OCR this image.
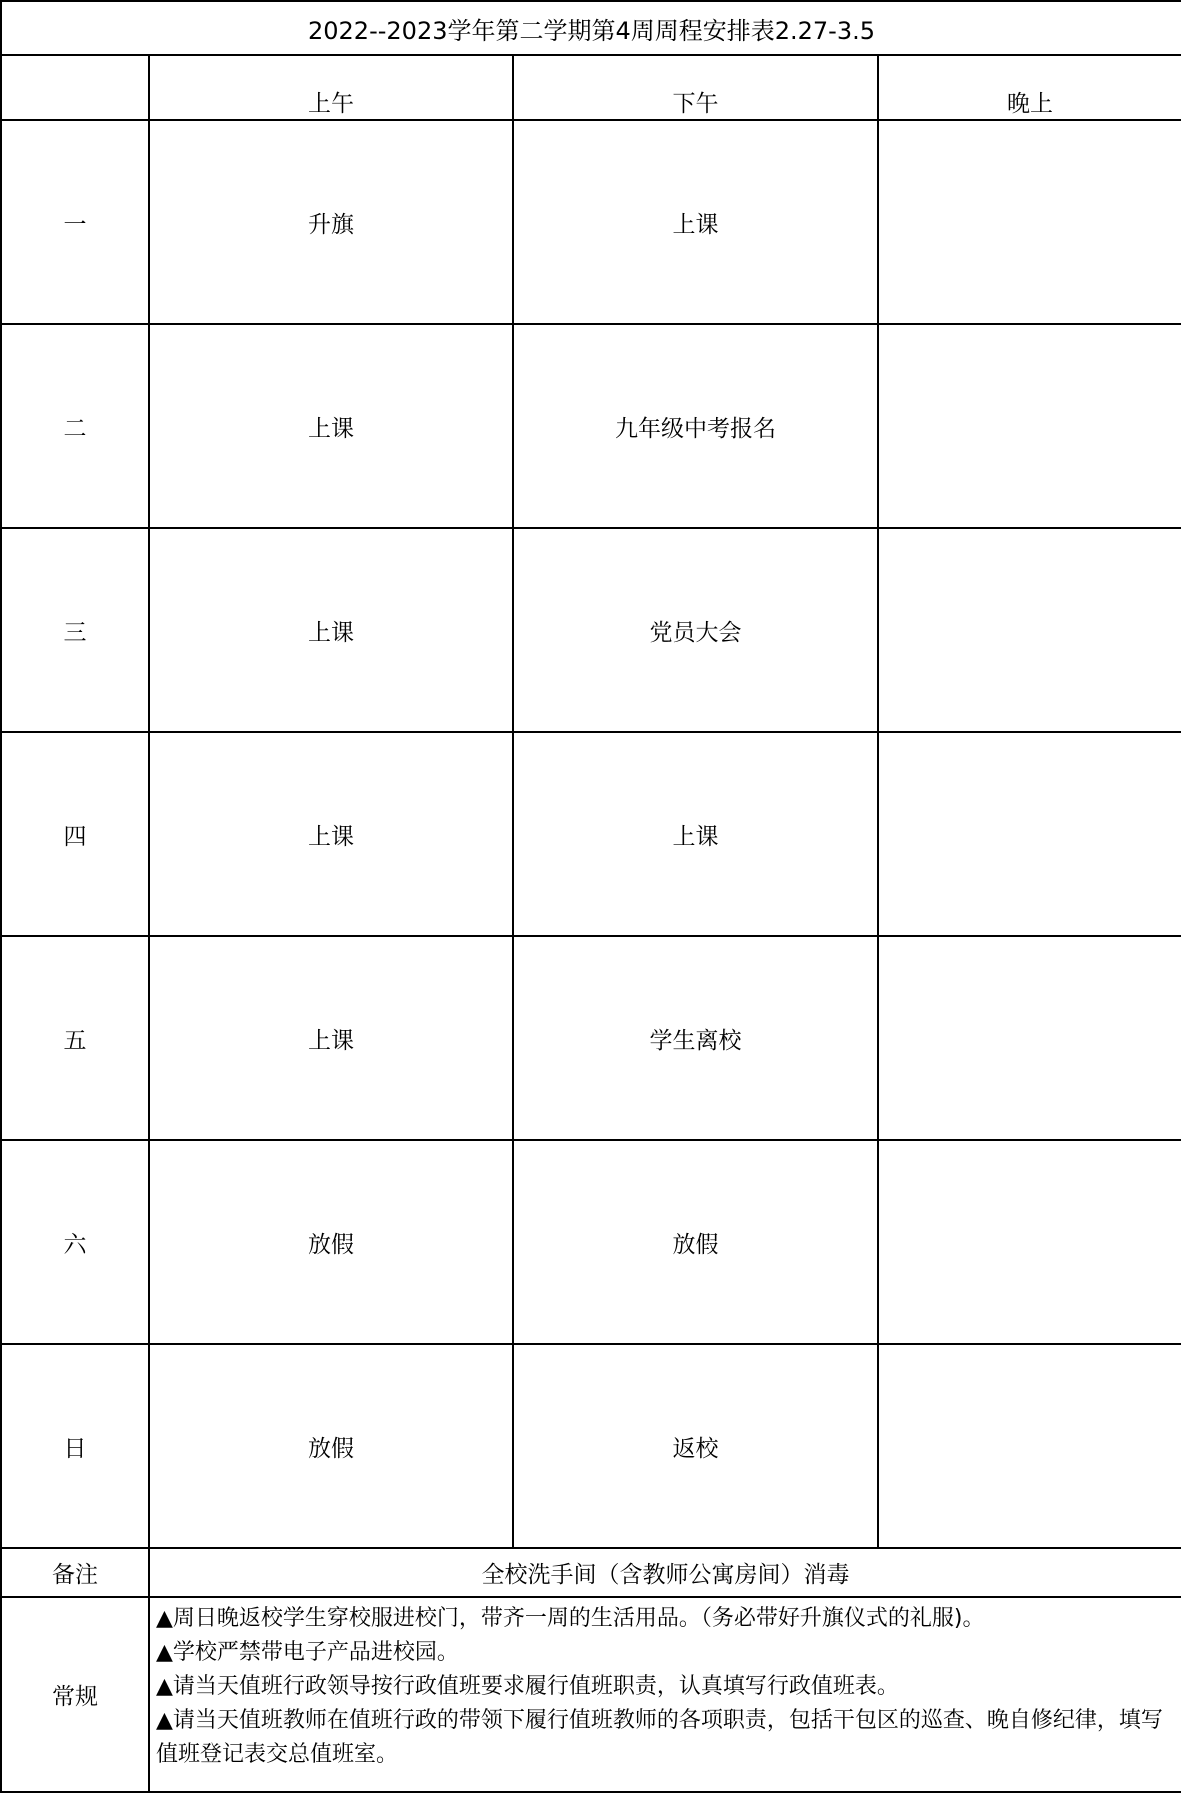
2022--2023学年第二学期第4周周程安排表2.27-3.5			
	上午	下午	晚上
一	升旗	上课	
二	上课	九年级中考报名	
三	上课	党员大会	
四	上课	上课	
五	上课	学生离校	
六	放假	放假	
日	放假	返校	
备注	全校洗手间（含教师公寓房间）消毒		
常规	▲周日晚返校学生穿校服进校门，带齐一周的生活用品。（务必带好升旗仪式的礼服)。
▲学校严禁带电子产品进校园。
▲请当天值班行政领导按行政值班要求履行值班职责，认真填写行政值班表。
▲请当天值班教师在值班行政的带领下履行值班教师的各项职责，包括干包区的巡查、晚自修纪律，填写值班登记表交总值班室。		
